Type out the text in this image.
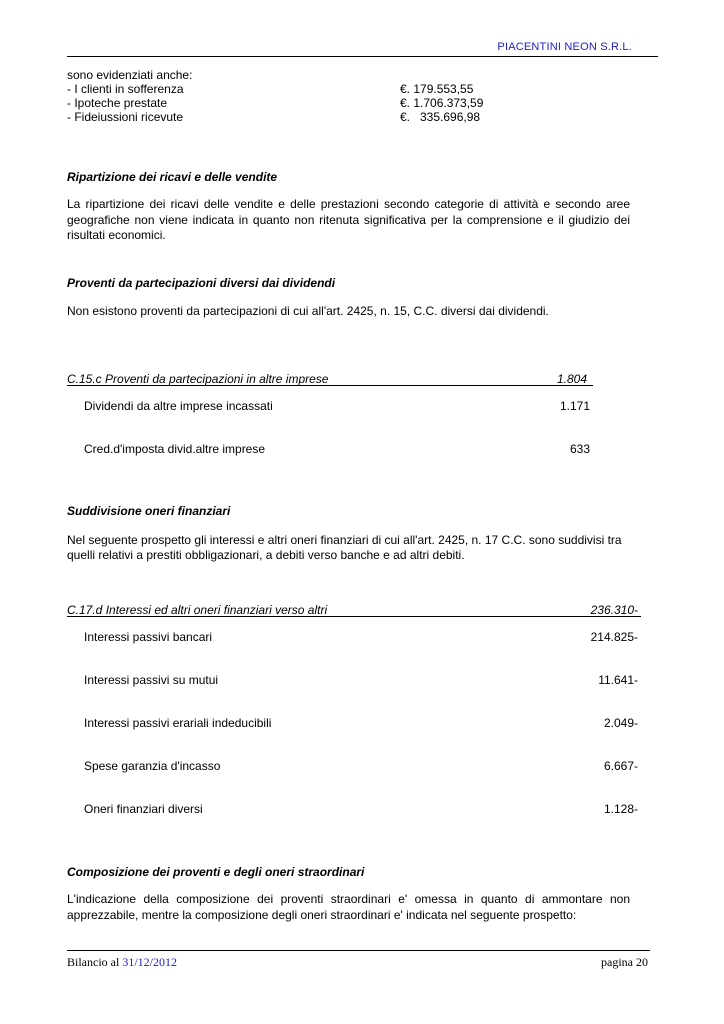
PIACENTINI NEON S.R.L.
sono evidenziati anche:
- I clienti in sofferenza	€. 179.553,55
- Ipoteche prestate	€. 1.706.373,59
- Fideiussioni ricevute	€.   335.696,98
Ripartizione dei ricavi e delle vendite
La ripartizione dei ricavi delle vendite e delle prestazioni secondo categorie di attività e secondo aree geografiche non viene indicata in quanto non ritenuta significativa per la comprensione e il giudizio dei risultati economici.
Proventi da partecipazioni diversi dai dividendi
Non esistono proventi da partecipazioni di cui all'art. 2425, n. 15, C.C. diversi dai dividendi.
C.15.c Proventi da partecipazioni in altre imprese	1.804
Dividendi da altre imprese incassati	1.171
Cred.d'imposta divid.altre imprese	633
Suddivisione oneri finanziari
Nel seguente prospetto gli interessi e altri oneri finanziari di cui all'art. 2425, n. 17 C.C. sono suddivisi tra
quelli relativi a prestiti obbligazionari, a debiti verso banche e ad altri debiti.
C.17.d Interessi ed altri oneri finanziari verso altri	236.310-
Interessi passivi bancari	214.825-
Interessi passivi su mutui	11.641-
Interessi passivi erariali indeducibili	2.049-
Spese garanzia d'incasso	6.667-
Oneri finanziari diversi	1.128-
Composizione dei proventi e degli oneri straordinari
L'indicazione della composizione dei proventi straordinari e' omessa in quanto di ammontare non apprezzabile, mentre la composizione degli oneri straordinari e' indicata nel seguente prospetto:
Bilancio al 31/12/2012	pagina 20
